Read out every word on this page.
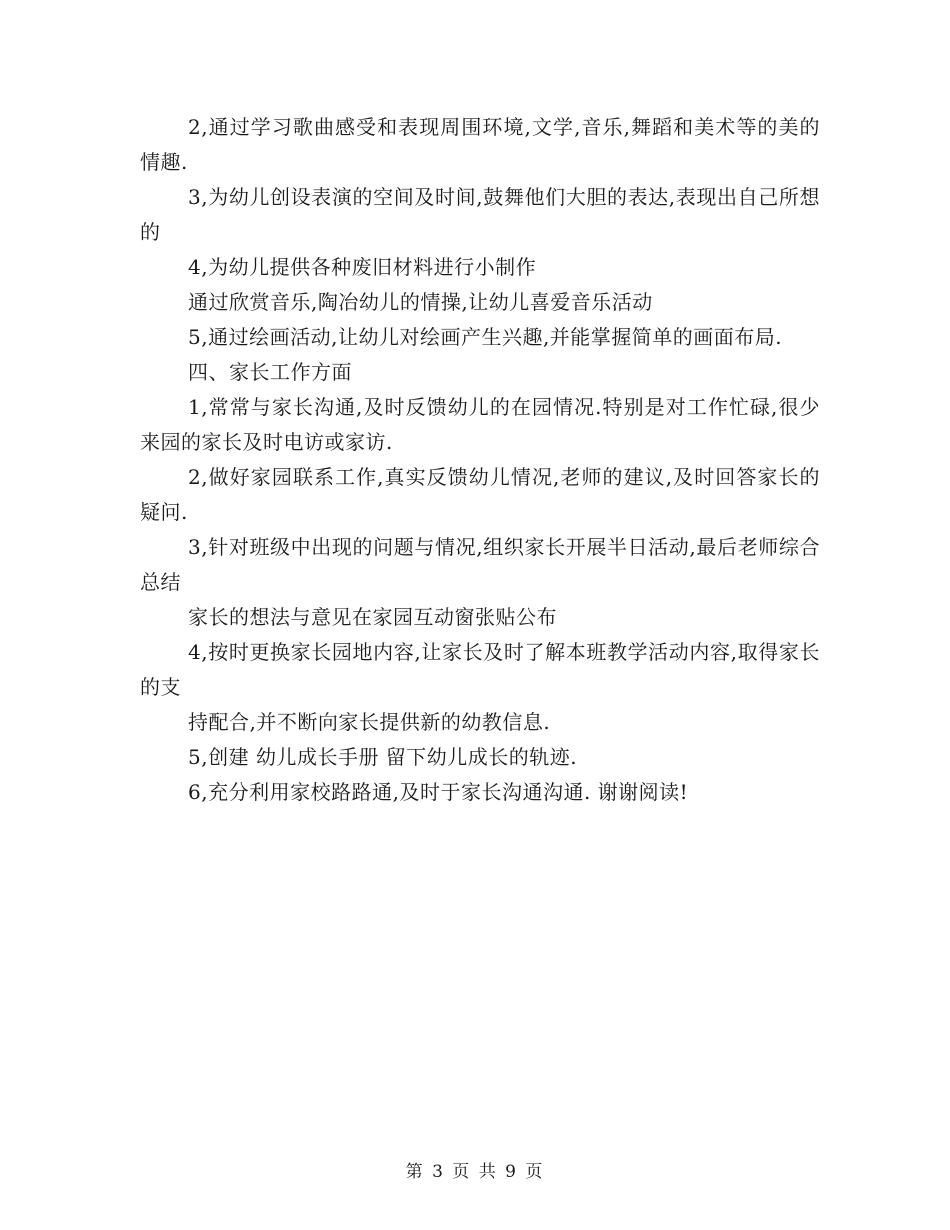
2,通过学习歌曲感受和表现周围环境,文学,音乐,舞蹈和美术等的美的情趣.

3,为幼儿创设表演的空间及时间,鼓舞他们大胆的表达,表现出自己所想的

4,为幼儿提供各种废旧材料进行小制作

通过欣赏音乐,陶冶幼儿的情操,让幼儿喜爱音乐活动

5,通过绘画活动,让幼儿对绘画产生兴趣,并能掌握简单的画面布局.

四、家长工作方面

1,常常与家长沟通,及时反馈幼儿的在园情况.特别是对工作忙碌,很少来园的家长及时电访或家访.

2,做好家园联系工作,真实反馈幼儿情况,老师的建议,及时回答家长的疑问.

3,针对班级中出现的问题与情况,组织家长开展半日活动,最后老师综合总结

家长的想法与意见在家园互动窗张贴公布

4,按时更换家长园地内容,让家长及时了解本班教学活动内容,取得家长的支

持配合,并不断向家长提供新的幼教信息.

5,创建 幼儿成长手册 留下幼儿成长的轨迹.

6,充分利用家校路路通,及时于家长沟通沟通. 谢谢阅读!

第 3 页 共 9 页
